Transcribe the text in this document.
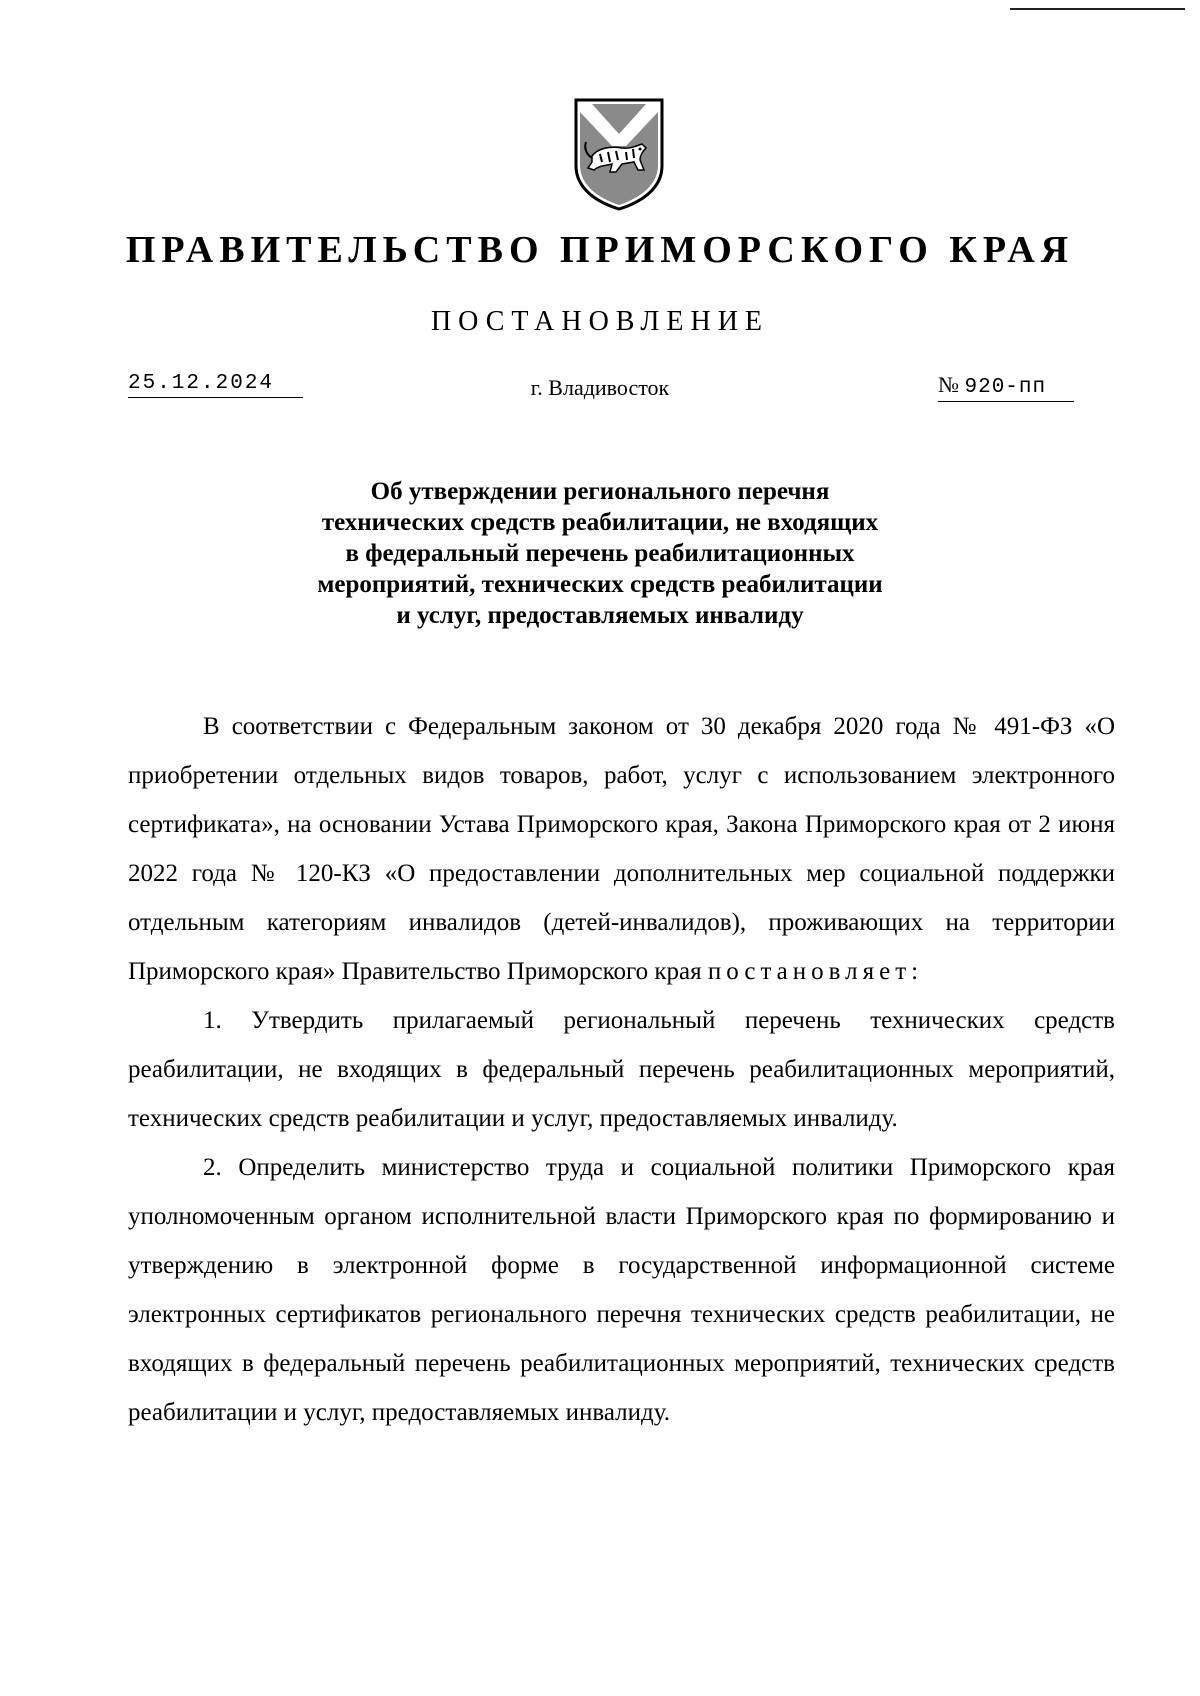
ПРАВИТЕЛЬСТВО ПРИМОРСКОГО КРАЯ
ПОСТАНОВЛЕНИЕ
25.12.2024	г. Владивосток	№ 920-пп
Об утверждении регионального перечня
технических средств реабилитации, не входящих
в федеральный перечень реабилитационных
мероприятий, технических средств реабилитации
и услуг, предоставляемых инвалиду

В соответствии с Федеральным законом от 30 декабря 2020 года № 491-ФЗ «О приобретении отдельных видов товаров, работ, услуг с использованием электронного сертификата», на основании Устава Приморского края, Закона Приморского края от 2 июня 2022 года № 120-КЗ «О предоставлении дополнительных мер социальной поддержки отдельным категориям инвалидов (детей-инвалидов), проживающих на территории Приморского края» Правительство Приморского края постановляет:

1. Утвердить прилагаемый региональный перечень технических средств реабилитации, не входящих в федеральный перечень реабилитационных мероприятий, технических средств реабилитации и услуг, предоставляемых инвалиду.

2. Определить министерство труда и социальной политики Приморского края уполномоченным органом исполнительной власти Приморского края по формированию и утверждению в электронной форме в государственной информационной системе электронных сертификатов регионального перечня технических средств реабилитации, не входящих в федеральный перечень реабилитационных мероприятий, технических средств реабилитации и услуг, предоставляемых инвалиду.
